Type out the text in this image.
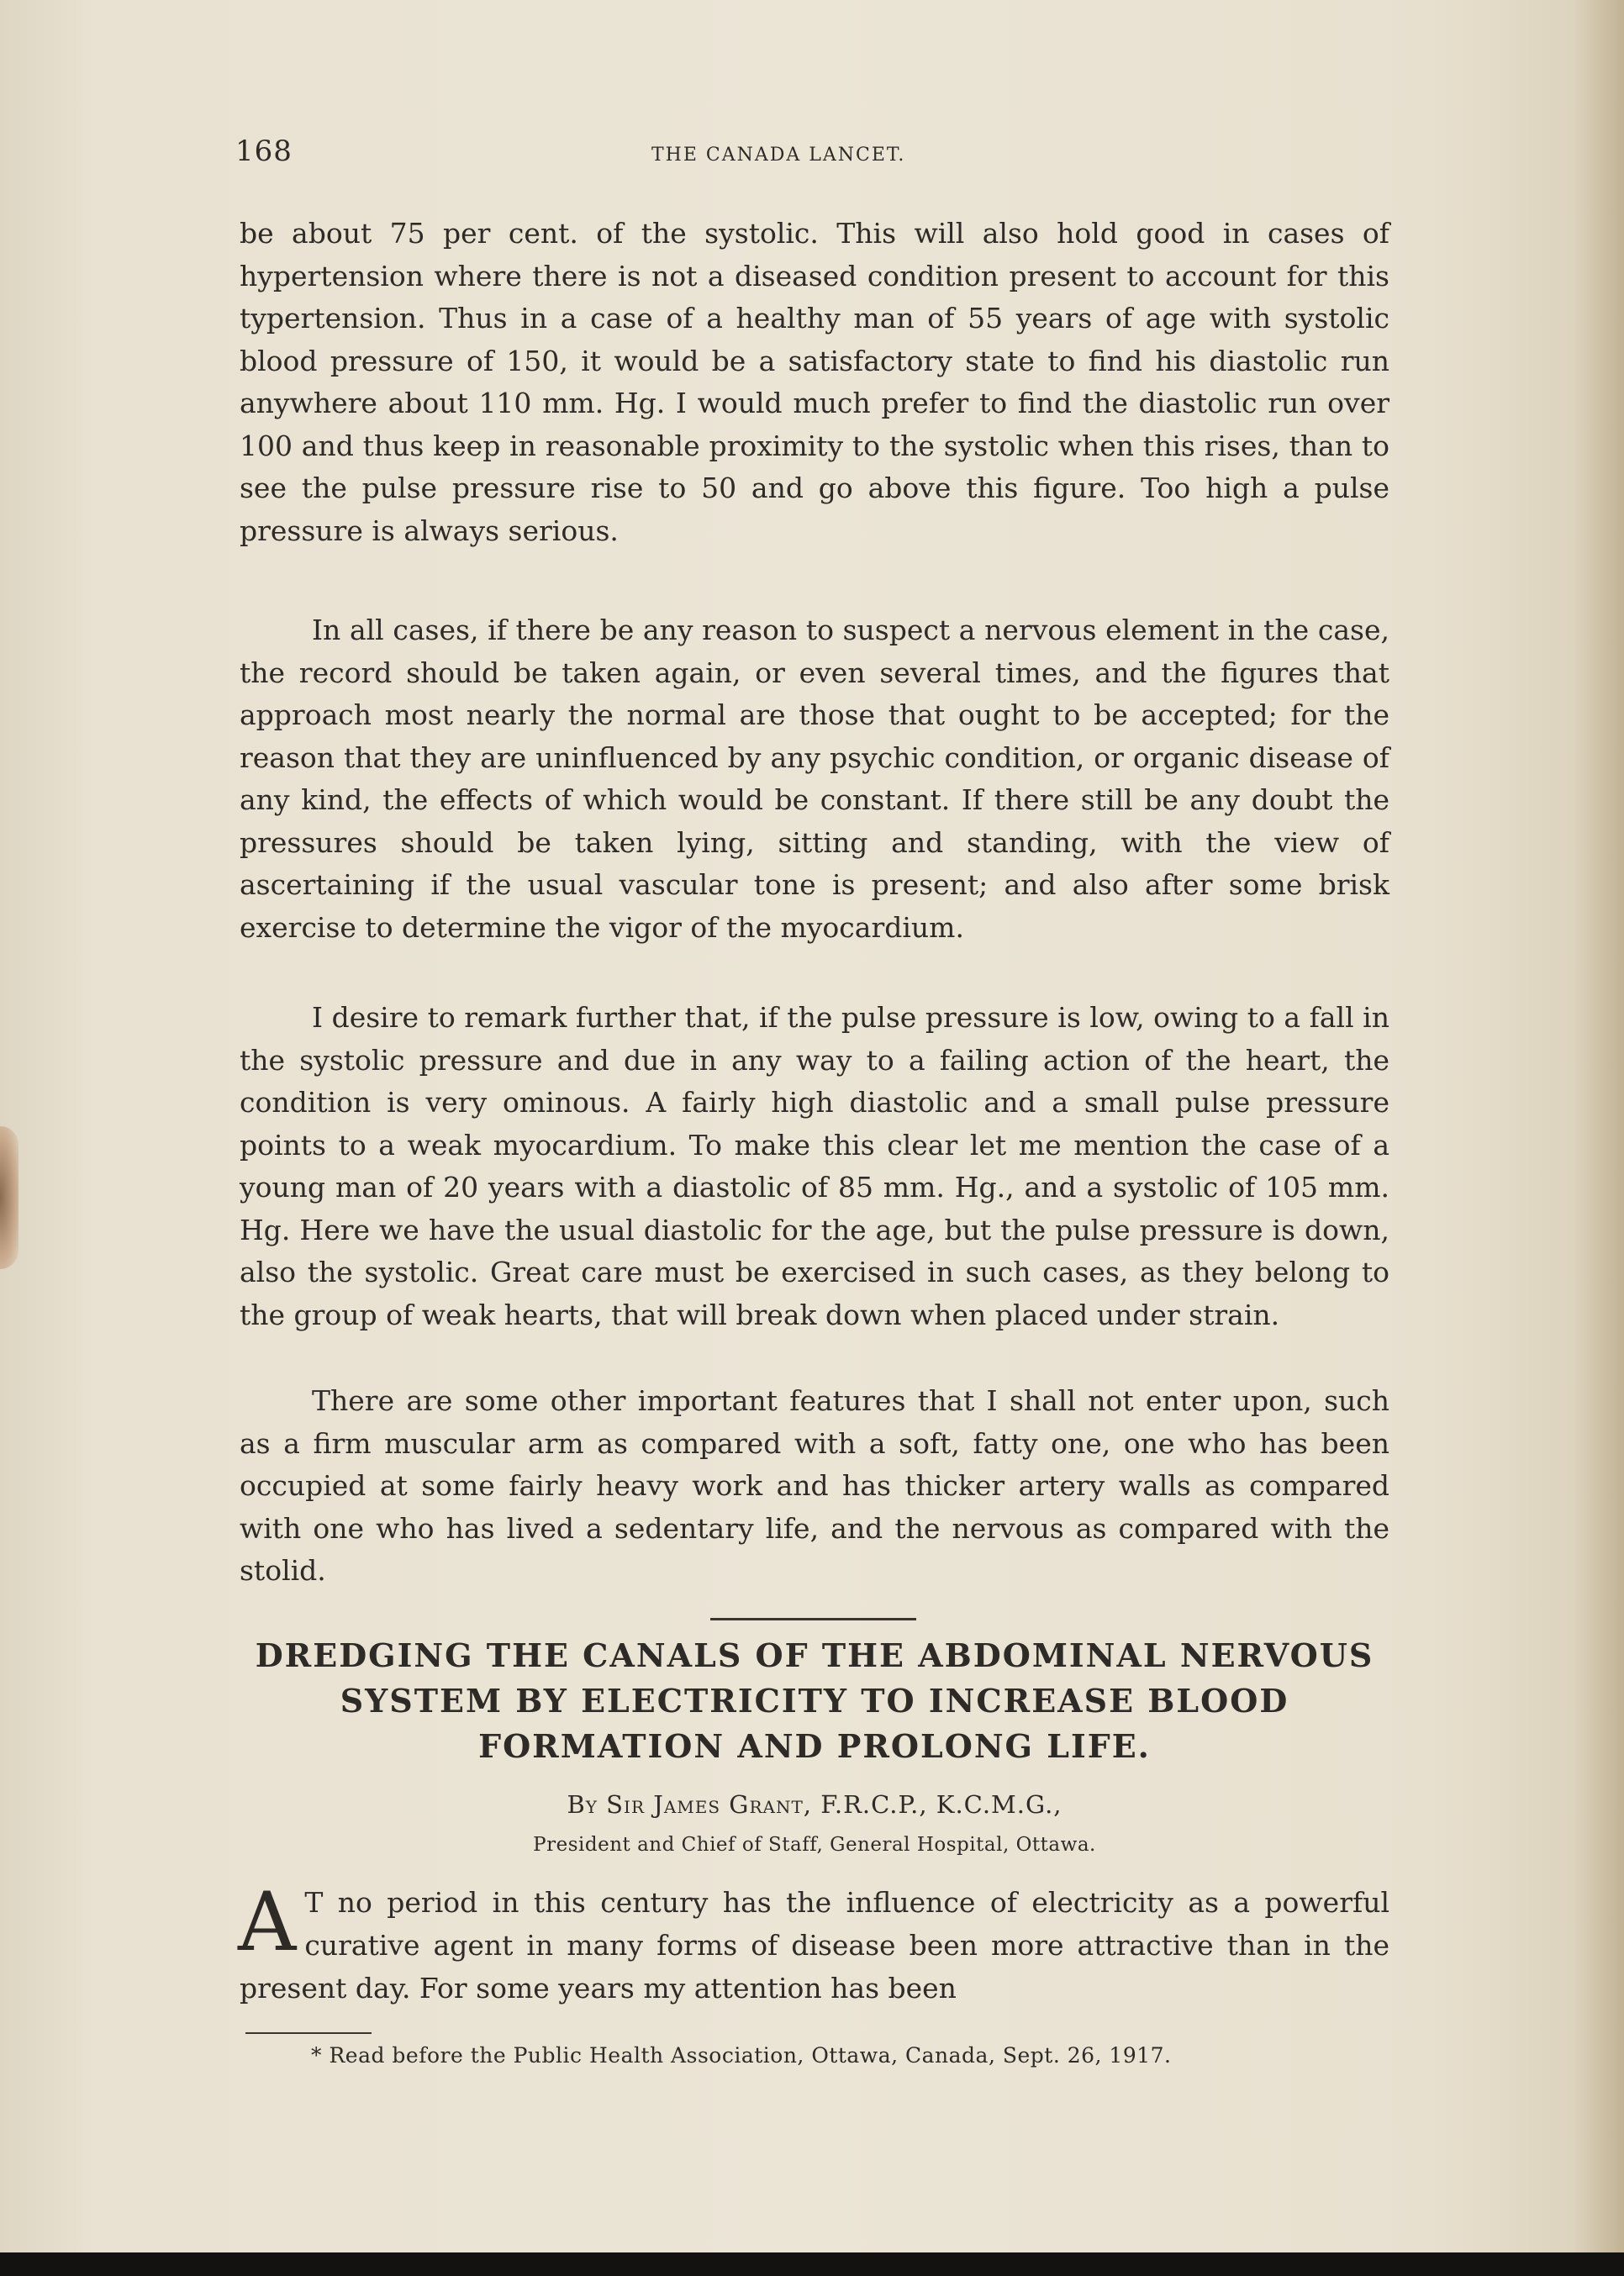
168	THE CANADA LANCET.

be about 75 per cent. of the systolic. This will also hold good in cases of hypertension where there is not a diseased condition present to account for this typertension. Thus in a case of a healthy man of 55 years of age with systolic blood pressure of 150, it would be a satisfactory state to find his diastolic run anywhere about 110 mm. Hg. I would much prefer to find the diastolic run over 100 and thus keep in reasonable proximity to the systolic when this rises, than to see the pulse pressure rise to 50 and go above this figure. Too high a pulse pressure is always serious.

In all cases, if there be any reason to suspect a nervous element in the case, the record should be taken again, or even several times, and the figures that approach most nearly the normal are those that ought to be accepted; for the reason that they are uninfluenced by any psychic condition, or organic disease of any kind, the effects of which would be constant. If there still be any doubt the pressures should be taken lying, sitting and standing, with the view of ascertaining if the usual vascular tone is present; and also after some brisk exercise to determine the vigor of the myocardium.

I desire to remark further that, if the pulse pressure is low, owing to a fall in the systolic pressure and due in any way to a failing action of the heart, the condition is very ominous. A fairly high diastolic and a small pulse pressure points to a weak myocardium. To make this clear let me mention the case of a young man of 20 years with a diastolic of 85 mm. Hg., and a systolic of 105 mm. Hg. Here we have the usual diastolic for the age, but the pulse pressure is down, also the systolic. Great care must be exercised in such cases, as they belong to the group of weak hearts, that will break down when placed under strain.

There are some other important features that I shall not enter upon, such as a firm muscular arm as compared with a soft, fatty one, one who has been occupied at some fairly heavy work and has thicker artery walls as compared with one who has lived a sedentary life, and the nervous as compared with the stolid.

DREDGING THE CANALS OF THE ABDOMINAL NERVOUS
SYSTEM BY ELECTRICITY TO INCREASE BLOOD
FORMATION AND PROLONG LIFE.
By Sir James Grant, F.R.C.P., K.C.M.G.,
President and Chief of Staff, General Hospital, Ottawa.

A T no period in this century has the influence of electricity as a powerful curative agent in many forms of disease been more attractive than in the present day. For some years my attention has been

* Read before the Public Health Association, Ottawa, Canada, Sept. 26, 1917.
